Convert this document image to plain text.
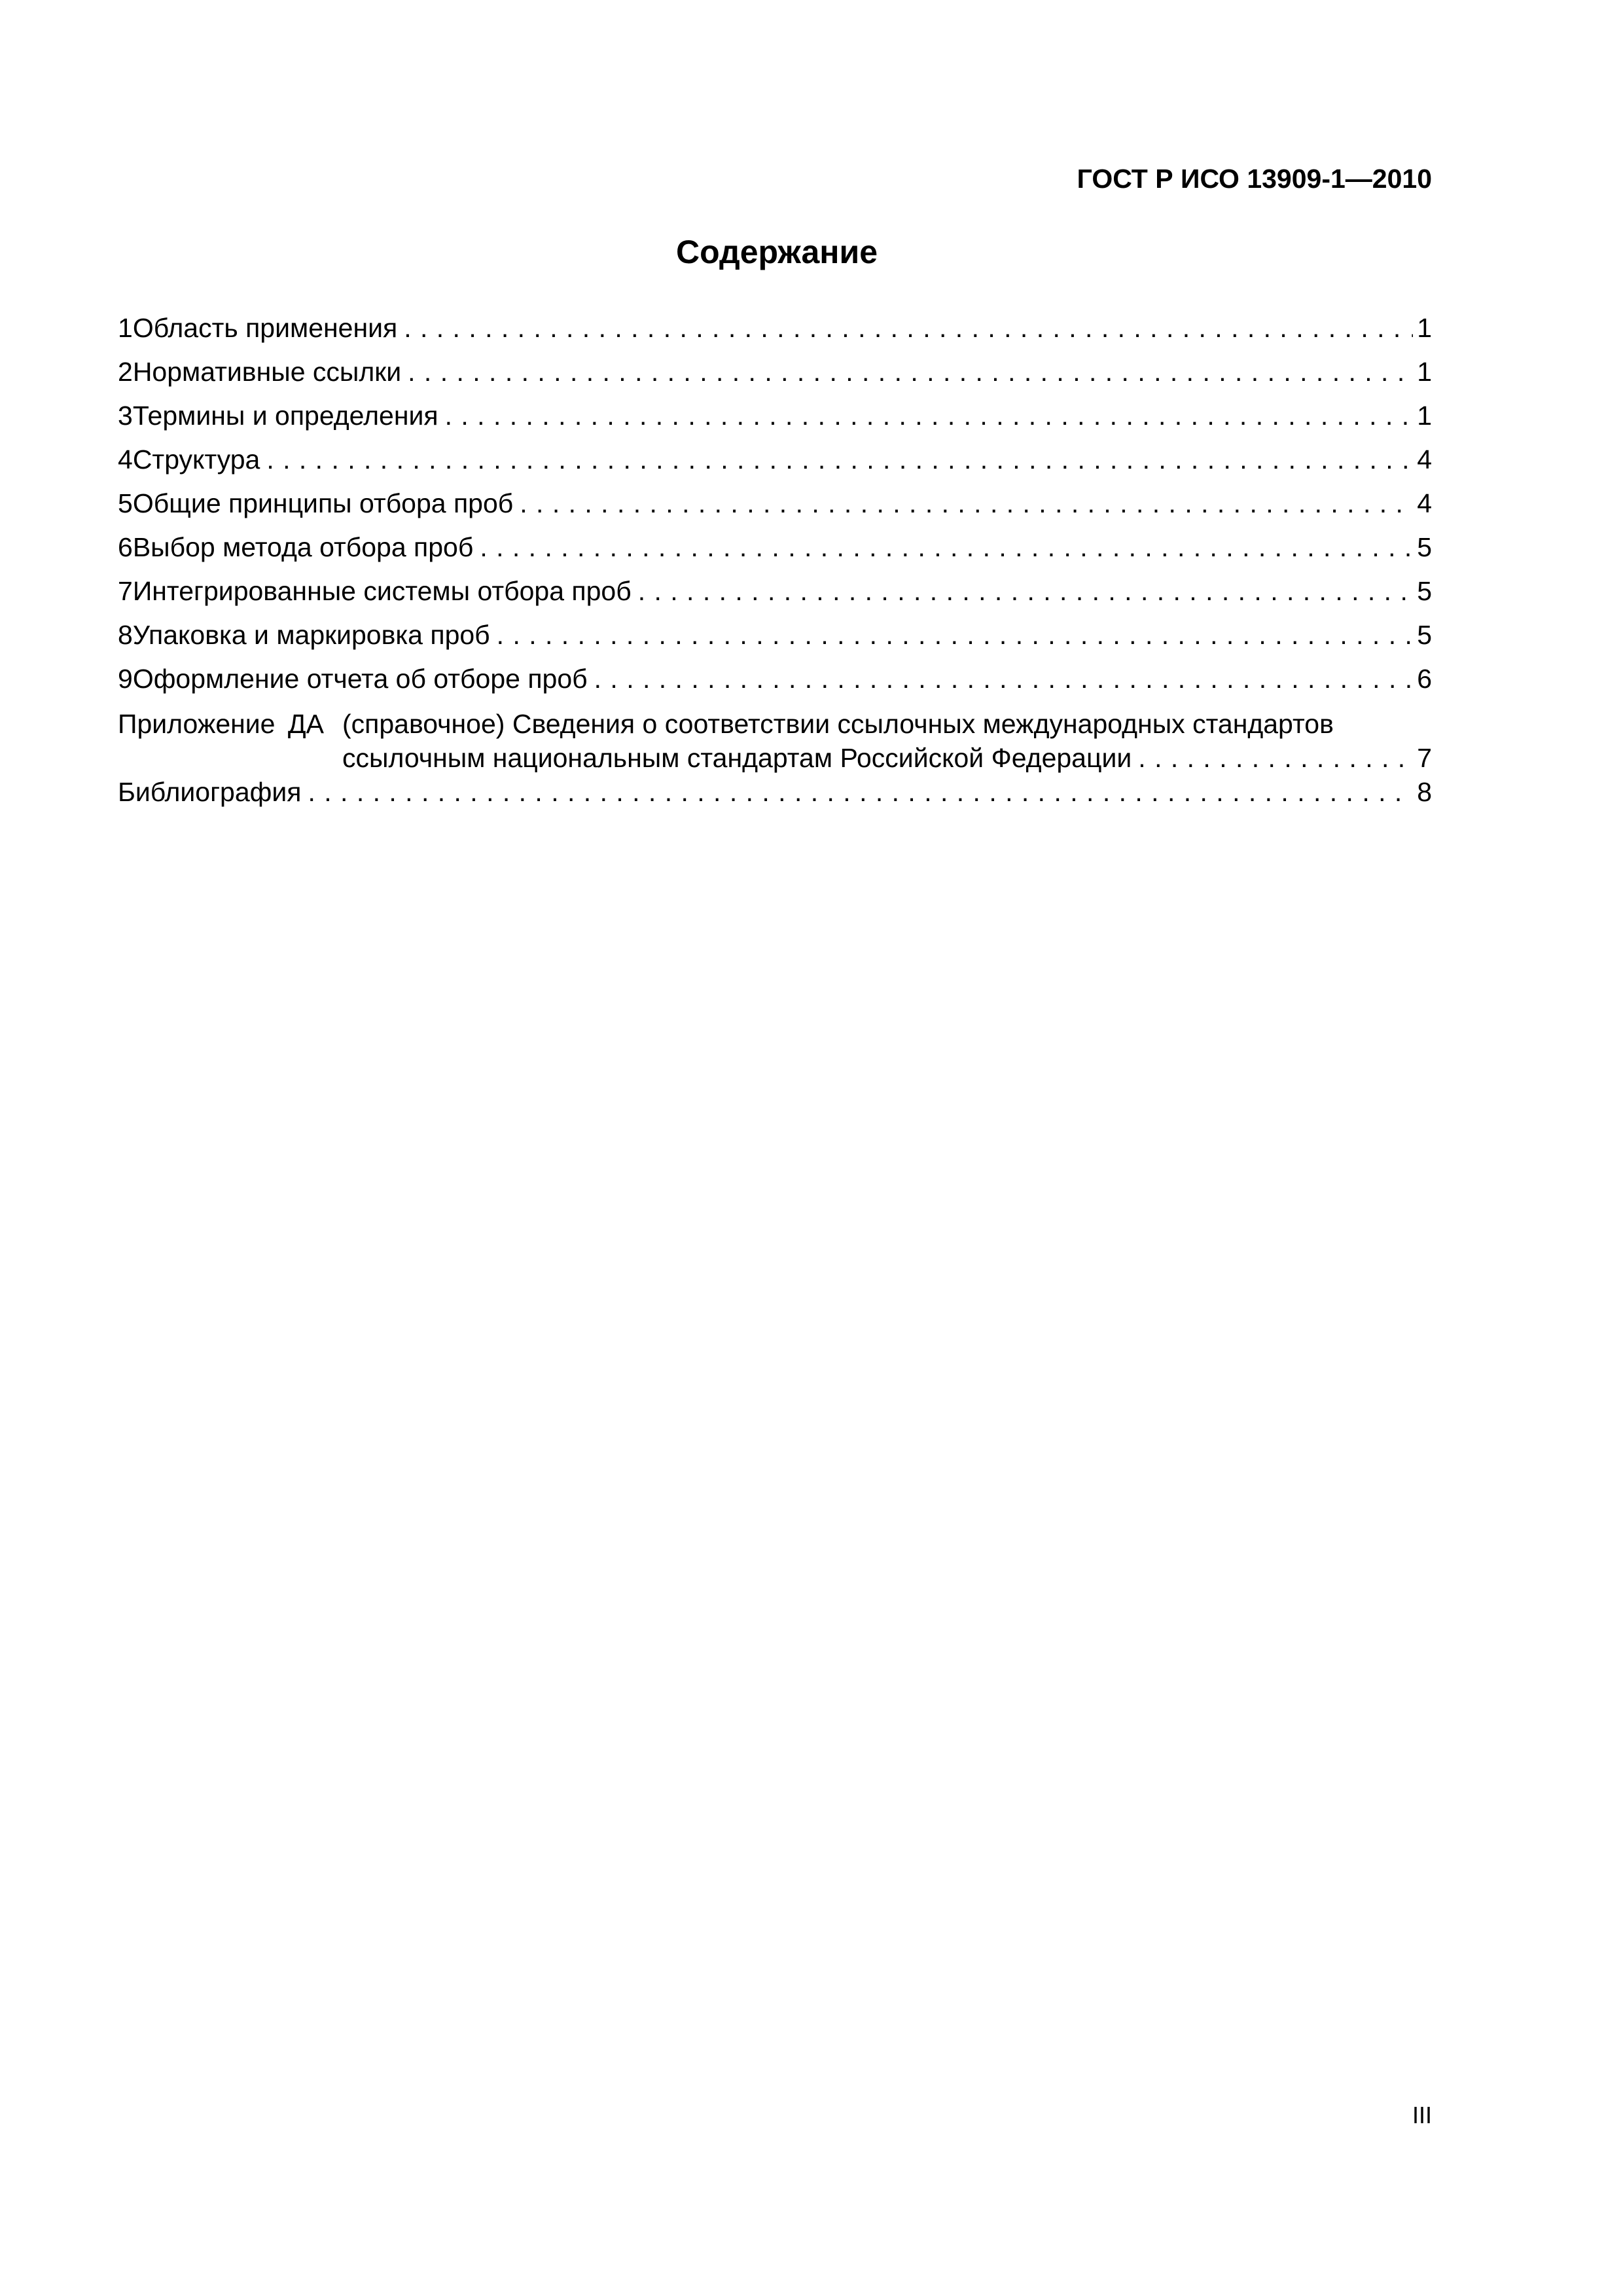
ГОСТ Р ИСО 13909-1—2010
Содержание
1 Область применения . . .	1
2 Нормативные ссылки . . .	1
3 Термины и определения . . .	1
4 Структура . . .	4
5 Общие принципы отбора проб . . .	4
6 Выбор метода отбора проб . . .	5
7 Интегрированные системы отбора проб . . .	5
8 Упаковка и маркировка проб . . .	5
9 Оформление отчета об отборе проб . . .	6
Приложение ДА (справочное) Сведения о соответствии ссылочных международных стандартов
ссылочным национальным стандартам Российской Федерации . . .	7
Библиография . . .	8
III
